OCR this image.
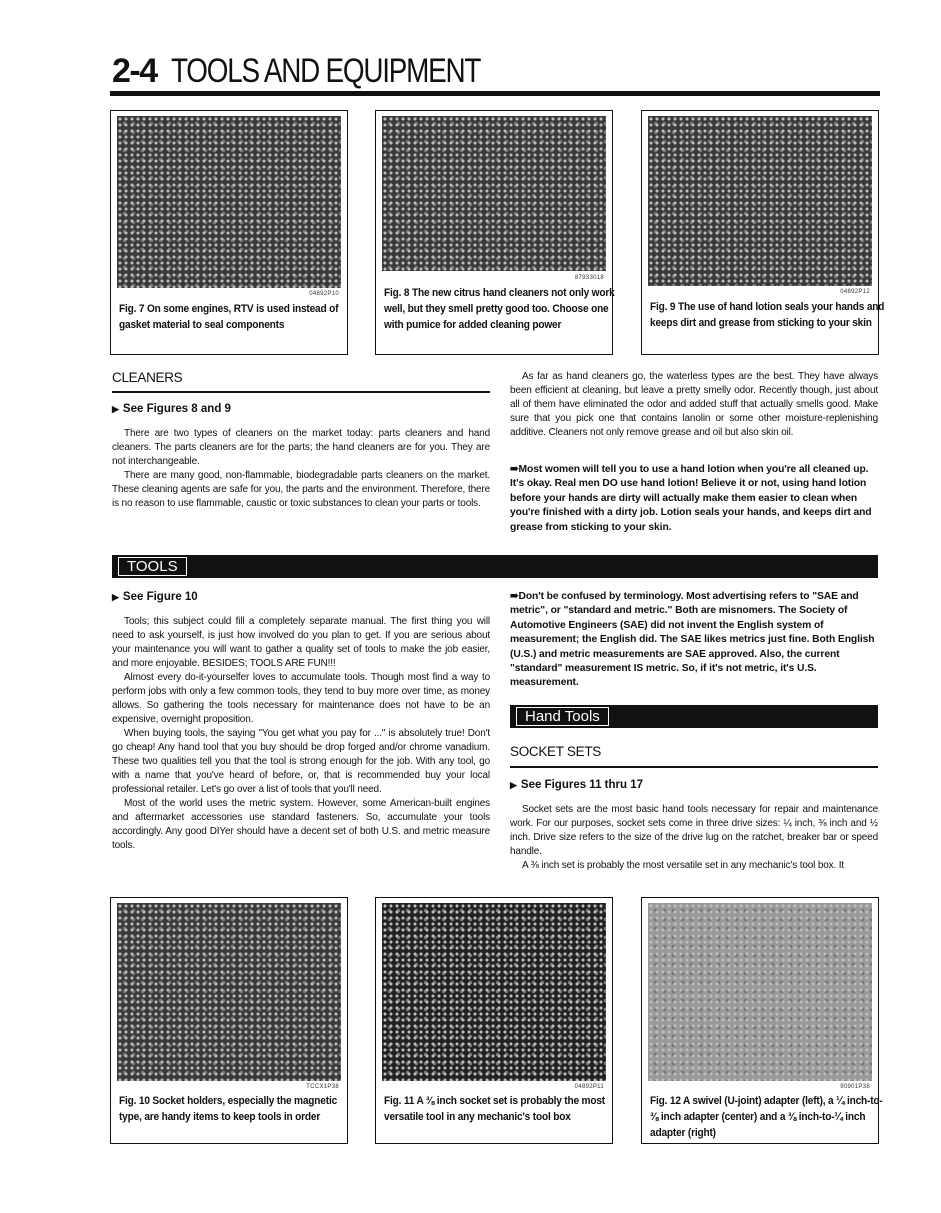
2-4 TOOLS AND EQUIPMENT
04892P10
Fig. 7 On some engines, RTV is used instead of gasket material to seal components
87933018
Fig. 8 The new citrus hand cleaners not only work well, but they smell pretty good too. Choose one with pumice for added cleaning power
04892P12
Fig. 9 The use of hand lotion seals your hands and keeps dirt and grease from sticking to your skin
CLEANERS
▶ See Figures 8 and 9

There are two types of cleaners on the market today: parts cleaners and hand cleaners. The parts cleaners are for the parts; the hand cleaners are for you. They are not interchangeable.

There are many good, non-flammable, biodegradable parts cleaners on the market. These cleaning agents are safe for you, the parts and the environment. Therefore, there is no reason to use flammable, caustic or toxic substances to clean your parts or tools.

As far as hand cleaners go, the waterless types are the best. They have always been efficient at cleaning, but leave a pretty smelly odor. Recently though, just about all of them have eliminated the odor and added stuff that actually smells good. Make sure that you pick one that contains lanolin or some other moisture-replenishing additive. Cleaners not only remove grease and oil but also skin oil.

➠Most women will tell you to use a hand lotion when you're all cleaned up. It's okay. Real men DO use hand lotion! Believe it or not, using hand lotion before your hands are dirty will actually make them easier to clean when you're finished with a dirty job. Lotion seals your hands, and keeps dirt and grease from sticking to your skin.
TOOLS
▶ See Figure 10

Tools; this subject could fill a completely separate manual. The first thing you will need to ask yourself, is just how involved do you plan to get. If you are serious about your maintenance you will want to gather a quality set of tools to make the job easier, and more enjoyable. BESIDES; TOOLS ARE FUN!!!

Almost every do-it-yourselfer loves to accumulate tools. Though most find a way to perform jobs with only a few common tools, they tend to buy more over time, as money allows. So gathering the tools necessary for maintenance does not have to be an expensive, overnight proposition.

When buying tools, the saying "You get what you pay for ..." is absolutely true! Don't go cheap! Any hand tool that you buy should be drop forged and/or chrome vanadium. These two qualities tell you that the tool is strong enough for the job. With any tool, go with a name that you've heard of before, or, that is recommended buy your local professional retailer. Let's go over a list of tools that you'll need.

Most of the world uses the metric system. However, some American-built engines and aftermarket accessories use standard fasteners. So, accumulate your tools accordingly. Any good DIYer should have a decent set of both U.S. and metric measure tools.

➠Don't be confused by terminology. Most advertising refers to "SAE and metric", or "standard and metric." Both are misnomers. The Society of Automotive Engineers (SAE) did not invent the English system of measurement; the English did. The SAE likes metrics just fine. Both English (U.S.) and metric measurements are SAE approved. Also, the current "standard" measurement IS metric. So, if it's not metric, it's U.S. measurement.
Hand Tools
SOCKET SETS
▶ See Figures 11 thru 17

Socket sets are the most basic hand tools necessary for repair and maintenance work. For our purposes, socket sets come in three drive sizes: ¼ inch, ⅜ inch and ½ inch. Drive size refers to the size of the drive lug on the ratchet, breaker bar or speed handle.

A ⅜ inch set is probably the most versatile set in any mechanic's tool box. It

TCCX1P38
Fig. 10 Socket holders, especially the magnetic type, are handy items to keep tools in order
04892P11
Fig. 11 A ⅜ inch socket set is probably the most versatile tool in any mechanic's tool box
90901P38
Fig. 12 A swivel (U-joint) adapter (left), a ¼ inch-to-⅜ inch adapter (center) and a ⅜ inch-to-¼ inch adapter (right)
